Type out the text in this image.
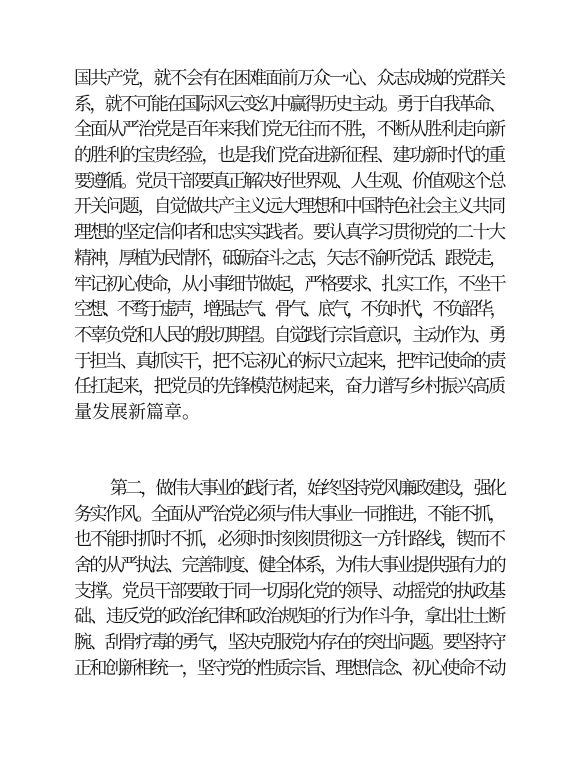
国共产党，就不会有在困难面前万众一心、众志成城的党群关
系，就不可能在国际风云变幻中赢得历史主动。勇于自我革命、
全面从严治党是百年来我们党无往而不胜，不断从胜利走向新
的胜利的宝贵经验，也是我们党奋进新征程、建功新时代的重
要遵循。党员干部要真正解决好世界观、人生观、价值观这个总
开关问题，自觉做共产主义远大理想和中国特色社会主义共同
理想的坚定信仰者和忠实实践者。要认真学习贯彻党的二十大
精神，厚植为民情怀，砥砺奋斗之志，矢志不渝听党话、跟党走，
牢记初心使命，从小事细节做起，严格要求、扎实工作，不坐干
空想、不骛于虚声，增强志气、骨气、底气，不负时代，不负韶华，
不辜负党和人民的殷切期望。自觉践行宗旨意识，主动作为、勇
于担当、真抓实干，把不忘初心的标尺立起来，把牢记使命的责
任扛起来，把党员的先锋模范树起来，奋力谱写乡村振兴高质
量发展新篇章。
第二，做伟大事业的践行者，始终坚持党风廉政建设，强化
务实作风。全面从严治党必须与伟大事业一同推进，不能不抓，
也不能时抓时不抓，必须时时刻刻贯彻这一方针路线，锲而不
舍的从严执法、完善制度、健全体系，为伟大事业提供强有力的
支撑。党员干部要敢于同一切弱化党的领导、动摇党的执政基
础、违反党的政治纪律和政治规矩的行为作斗争，拿出壮士断
腕、刮骨疗毒的勇气，坚决克服党内存在的突出问题。要坚持守
正和创新相统一，坚守党的性质宗旨、理想信念、初心使命不动
